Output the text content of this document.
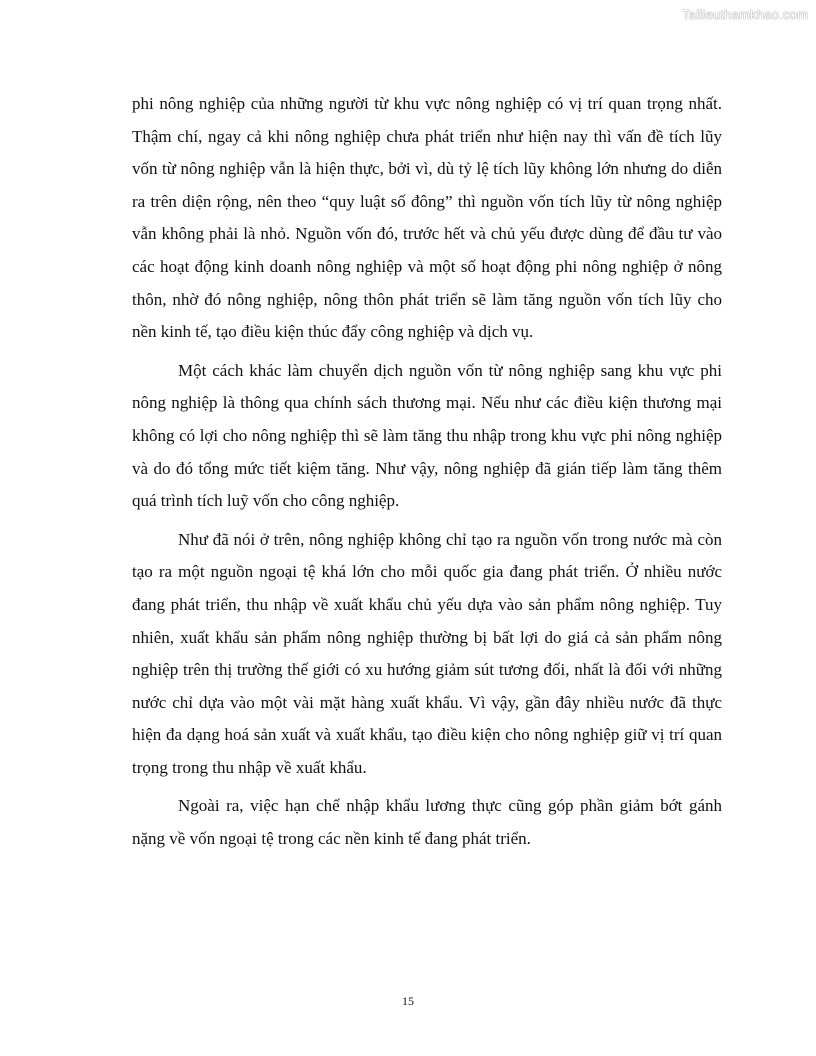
Tailieuthamkhao.com

phi nông nghiệp của những người từ khu vực nông nghiệp có vị trí quan trọng nhất. Thậm chí, ngay cả khi nông nghiệp chưa phát triển như hiện nay thì vấn đề tích lũy vốn từ nông nghiệp vẫn là hiện thực, bởi vì, dù tỷ lệ tích lũy không lớn nhưng do diễn ra trên diện rộng, nên theo “quy luật số đông” thì nguồn vốn tích lũy từ nông nghiệp vẫn không phải là nhỏ. Nguồn vốn đó, trước hết và chủ yếu được dùng để đầu tư vào các hoạt động kinh doanh nông nghiệp và một số hoạt động phi nông nghiệp ở nông thôn, nhờ đó nông nghiệp, nông thôn phát triển sẽ làm tăng nguồn vốn tích lũy cho nền kinh tế, tạo điều kiện thúc đẩy công nghiệp và dịch vụ.

Một cách khác làm chuyển dịch nguồn vốn từ nông nghiệp sang khu vực phi nông nghiệp là thông qua chính sách thương mại. Nếu như các điều kiện thương mại không có lợi cho nông nghiệp thì sẽ làm tăng thu nhập trong khu vực phi nông nghiệp và do đó tổng mức tiết kiệm tăng. Như vậy, nông nghiệp đã gián tiếp làm tăng thêm quá trình tích luỹ vốn cho công nghiệp.

Như đã nói ở trên, nông nghiệp không chỉ tạo ra nguồn vốn trong nước mà còn tạo ra một nguồn ngoại tệ khá lớn cho mỗi quốc gia đang phát triển. Ở nhiều nước đang phát triển, thu nhập về xuất khẩu chủ yếu dựa vào sản phẩm nông nghiệp. Tuy nhiên, xuất khẩu sản phẩm nông nghiệp thường bị bất lợi do giá cả sản phẩm nông nghiệp trên thị trường thế giới có xu hướng giảm sút tương đối, nhất là đối với những nước chỉ dựa vào một vài mặt hàng xuất khẩu. Vì vậy, gần đây nhiều nước đã thực hiện đa dạng hoá sản xuất và xuất khẩu, tạo điều kiện cho nông nghiệp giữ vị trí quan trọng trong thu nhập về xuất khẩu.

Ngoài ra, việc hạn chế nhập khẩu lương thực cũng góp phần giảm bớt gánh nặng về vốn ngoại tệ trong các nền kinh tế đang phát triển.

15
